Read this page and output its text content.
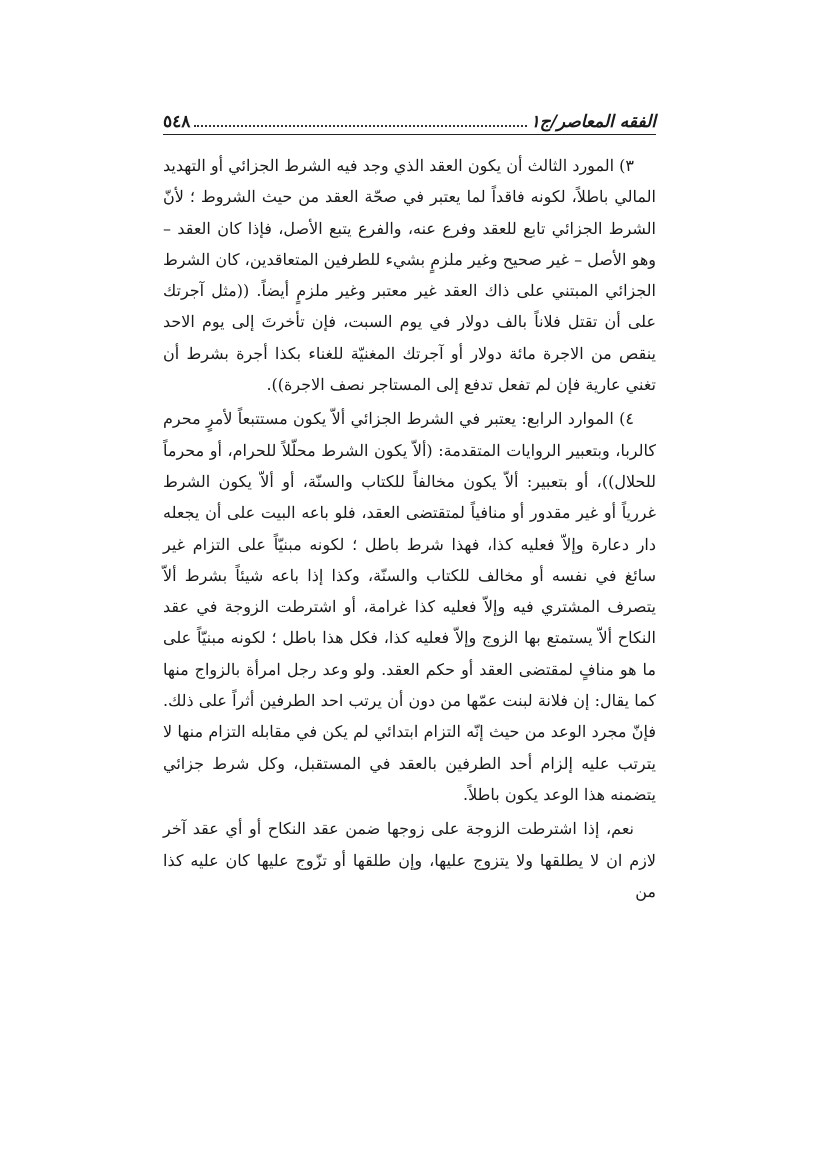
الفقه المعاصر/ج١
٥٤٨

٣) المورد الثالث أن يكون العقد الذي وجد فيه الشرط الجزائي أو التهديد المالي باطلاً، لكونه فاقداً لما يعتبر في صحّة العقد من حيث الشروط ؛ لأنّ الشرط الجزائي تابع للعقد وفرع عنه، والفرع يتبع الأصل، فإذا كان العقد – وهو الأصل – غير صحيح وغير ملزمٍ بشيء للطرفين المتعاقدين، كان الشرط الجزائي المبتني على ذاك العقد غير معتبر وغير ملزمٍ أيضاً. ((مثل آجرتك على أن تقتل فلاناً بالف دولار في يوم السبت، فإن تأخرتَ إلى يوم الاحد ينقص من الاجرة مائة دولار أو آجرتك المغنيّة للغناء بكذا أجرة بشرط أن تغني عارية فإن لم تفعل تدفع إلى المستاجر نصف الاجرة)).

٤) الموارد الرابع: يعتبر في الشرط الجزائي ألاّ يكون مستتبعاً لأمرٍ محرم كالربا، وبتعبير الروايات المتقدمة: (ألاّ يكون الشرط محلّلاً للحرام، أو محرماً للحلال))، أو بتعبير: ألاّ يكون مخالفاً للكتاب والسنّة، أو ألاّ يكون الشرط غررياً أو غير مقدور أو منافياً لمتقتضى العقد، فلو باعه البيت على أن يجعله دار دعارة وإلاّ فعليه كذا، فهذا شرط باطل ؛ لكونه مبنيّاً على التزام غير سائغ في نفسه أو مخالف للكتاب والسنّة، وكذا إذا باعه شيئاً بشرط ألاّ يتصرف المشتري فيه وإلاّ فعليه كذا غرامة، أو اشترطت الزوجة في عقد النكاح ألاّ يستمتع بها الزوج وإلاّ فعليه كذا، فكل هذا باطل ؛ لكونه مبنيّاً على ما هو منافٍ لمقتضى العقد أو حكم العقد. ولو وعد رجل امرأة بالزواج منها كما يقال: إن فلانة لبنت عمّها من دون أن يرتب احد الطرفين أثراً على ذلك. فإنّ مجرد الوعد من حيث إنّه التزام ابتدائي لم يكن في مقابله التزام منها لا يترتب عليه إلزام أحد الطرفين بالعقد في المستقبل، وكل شرط جزائي يتضمنه هذا الوعد يكون باطلاً.

نعم، إذا اشترطت الزوجة على زوجها ضمن عقد النكاح أو أي عقد آخر لازم ان لا يطلقها ولا يتزوج عليها، وإن طلقها أو تزّوج عليها كان عليه كذا من
